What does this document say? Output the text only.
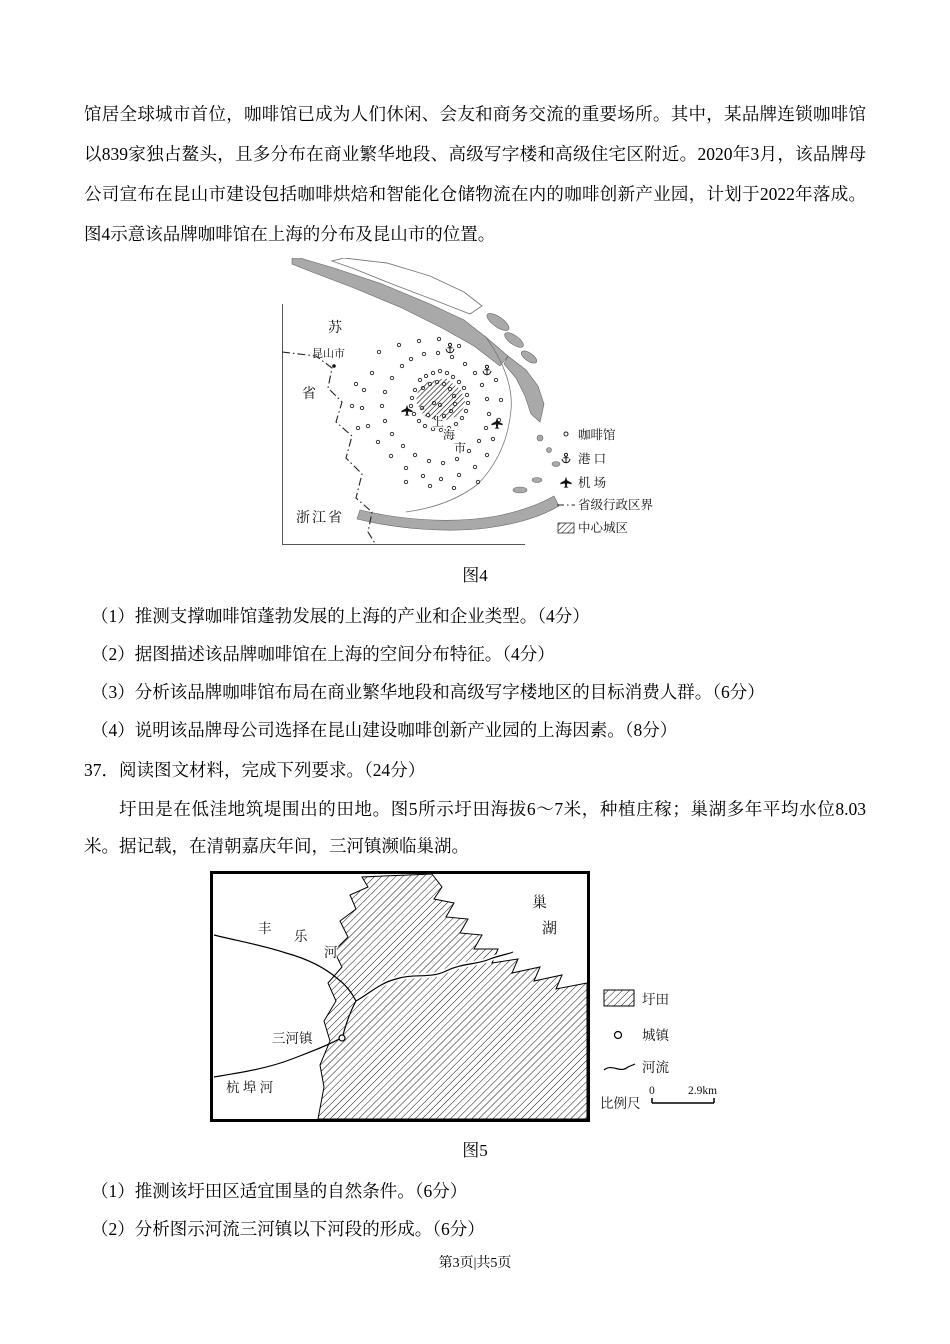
馆居全球城市首位，咖啡馆已成为人们休闲、会友和商务交流的重要场所。其中，某品牌连锁咖啡馆以839家独占鳌头，且多分布在商业繁华地段、高级写字楼和高级住宅区附近。2020年3月，该品牌母公司宣布在昆山市建设包括咖啡烘焙和智能化仓储物流在内的咖啡创新产业园，计划于2022年落成。图4示意该品牌咖啡馆在上海的分布及昆山市的位置。
苏
省
昆山市
上
海
市
浙江省
咖啡馆
港 口
机 场
省级行政区界
中心城区
图4
（1）推测支撑咖啡馆蓬勃发展的上海的产业和企业类型。（4分）
（2）据图描述该品牌咖啡馆在上海的空间分布特征。（4分）
（3）分析该品牌咖啡馆布局在商业繁华地段和高级写字楼地区的目标消费人群。（6分）
（4）说明该品牌母公司选择在昆山建设咖啡创新产业园的上海因素。（8分）
37．阅读图文材料，完成下列要求。（24分）
圩田是在低洼地筑堤围出的田地。图5所示圩田海拔6～7米，种植庄稼；巢湖多年平均水位8.03米。据记载，在清朝嘉庆年间，三河镇濒临巢湖。
巢
湖
丰
乐
河
三河镇
杭 埠 河
圩田
城镇
河流
比例尺
0	2.9km
图5
（1）推测该圩田区适宜围垦的自然条件。（6分）
（2）分析图示河流三河镇以下河段的形成。（6分）
第3页|共5页
